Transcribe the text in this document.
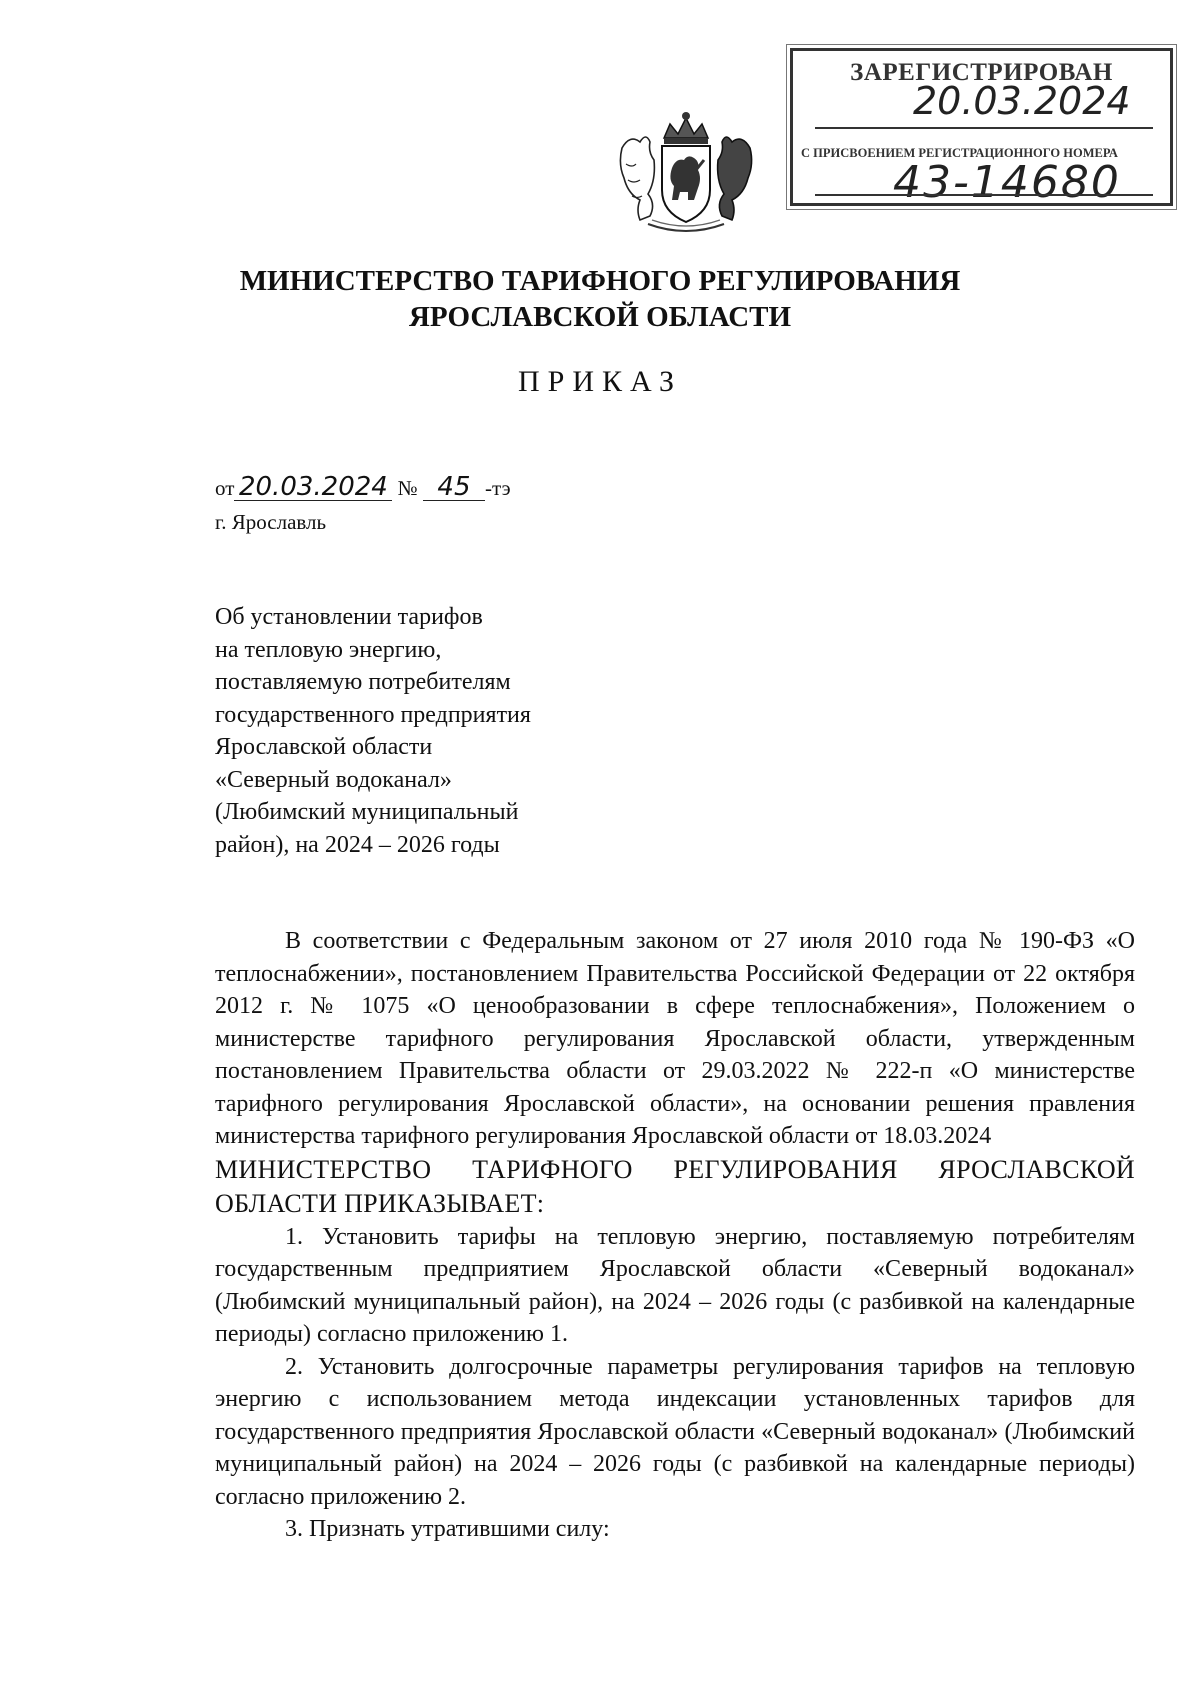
ЗАРЕГИСТРИРОВАН
20.03.2024
С ПРИСВОЕНИЕМ РЕГИСТРАЦИОННОГО НОМЕРА
43-14680
МИНИСТЕРСТВО ТАРИФНОГО РЕГУЛИРОВАНИЯ
ЯРОСЛАВСКОЙ ОБЛАСТИ
ПРИКАЗ
от 20.03.2024 № 45 -тэ
г. Ярославль
Об установлении тарифов
на тепловую энергию,
поставляемую потребителям
государственного предприятия
Ярославской области
«Северный водоканал»
(Любимский муниципальный
район), на 2024 – 2026 годы

В соответствии с Федеральным законом от 27 июля 2010 года № 190-ФЗ «О теплоснабжении», постановлением Правительства Российской Федерации от 22 октября 2012 г. № 1075 «О ценообразовании в сфере теплоснабжения», Положением о министерстве тарифного регулирования Ярославской области, утвержденным постановлением Правительства области от 29.03.2022 № 222-п «О министерстве тарифного регулирования Ярославской области», на основании решения правления министерства тарифного регулирования Ярославской области от 18.03.2024

МИНИСТЕРСТВО ТАРИФНОГО РЕГУЛИРОВАНИЯ ЯРОСЛАВСКОЙ ОБЛАСТИ ПРИКАЗЫВАЕТ:

1. Установить тарифы на тепловую энергию, поставляемую потребителям государственным предприятием Ярославской области «Северный водоканал» (Любимский муниципальный район), на 2024 – 2026 годы (с разбивкой на календарные периоды) согласно приложению 1.

2. Установить долгосрочные параметры регулирования тарифов на тепловую энергию с использованием метода индексации установленных тарифов для государственного предприятия Ярославской области «Северный водоканал» (Любимский муниципальный район) на 2024 – 2026 годы (с разбивкой на календарные периоды) согласно приложению 2.

3. Признать утратившими силу:
